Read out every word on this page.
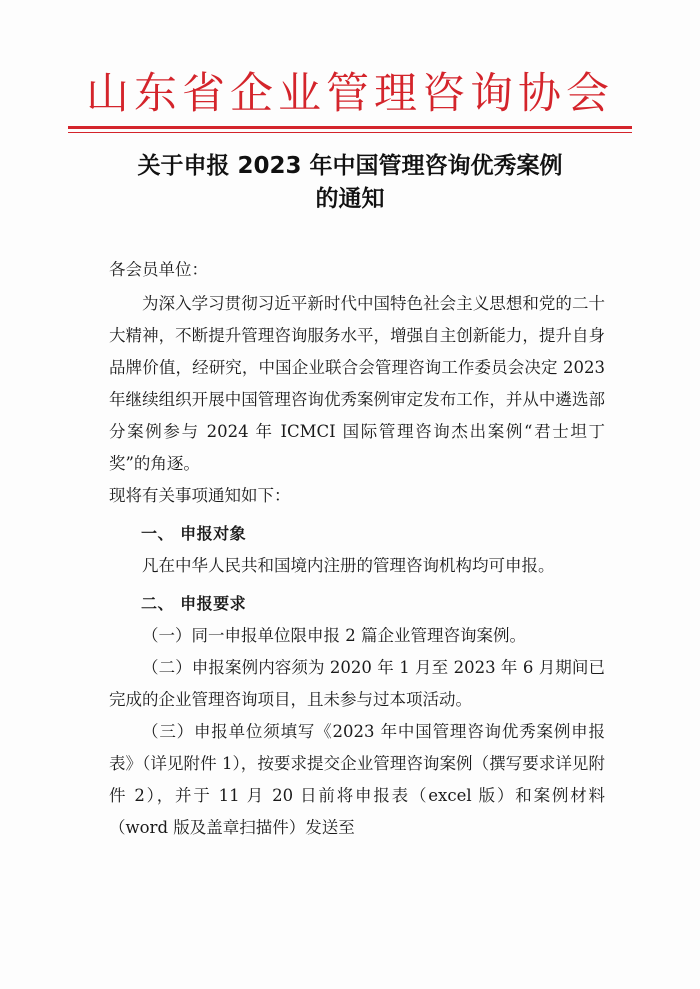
山东省企业管理咨询协会
关于申报 2023 年中国管理咨询优秀案例
的通知

各会员单位：

为深入学习贯彻习近平新时代中国特色社会主义思想和党的二十大精神，不断提升管理咨询服务水平，增强自主创新能力，提升自身品牌价值，经研究，中国企业联合会管理咨询工作委员会决定 2023 年继续组织开展中国管理咨询优秀案例审定发布工作，并从中遴选部分案例参与 2024 年 ICMCI 国际管理咨询杰出案例“君士坦丁奖”的角逐。

现将有关事项通知如下：

一、 申报对象

凡在中华人民共和国境内注册的管理咨询机构均可申报。

二、 申报要求

（一）同一申报单位限申报 2 篇企业管理咨询案例。

（二）申报案例内容须为 2020 年 1 月至 2023 年 6 月期间已完成的企业管理咨询项目，且未参与过本项活动。

（三）申报单位须填写《2023 年中国管理咨询优秀案例申报表》（详见附件 1），按要求提交企业管理咨询案例（撰写要求详见附件 2），并于 11 月 20 日前将申报表（excel 版）和案例材料（word 版及盖章扫描件）发送至
